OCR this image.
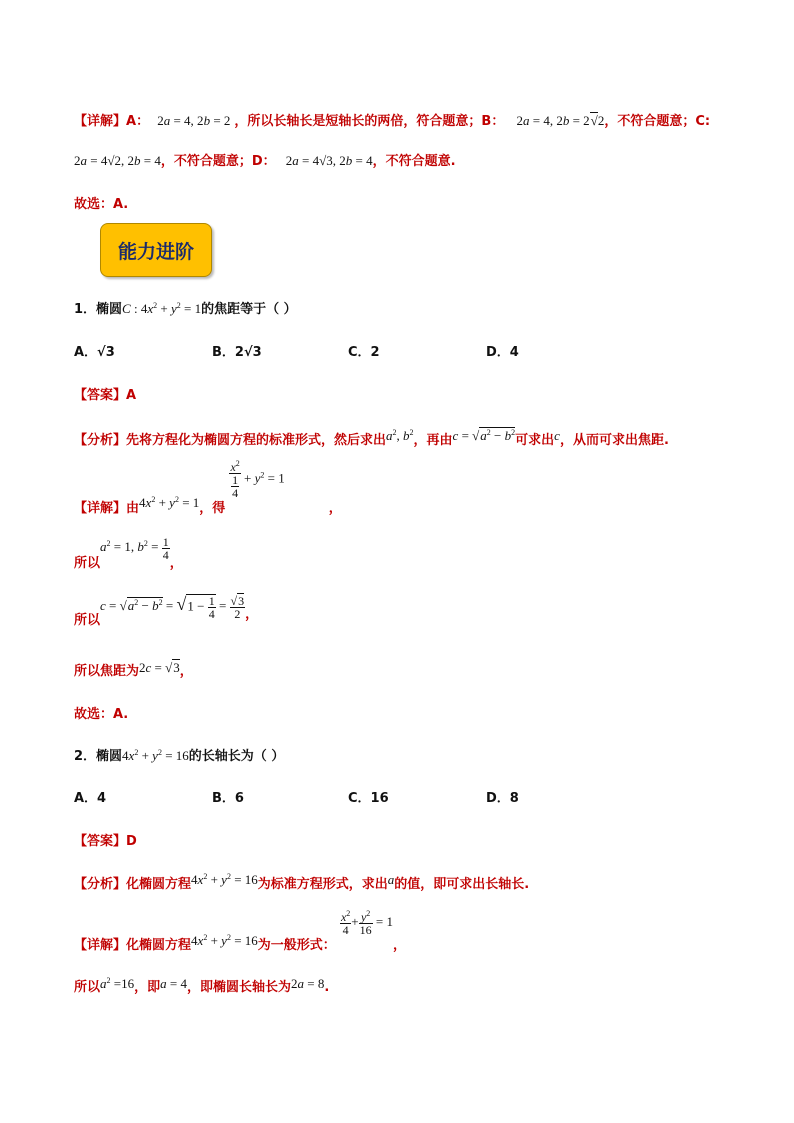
【详解】A： 2a = 4, 2b = 2 ，所以长轴长是短轴长的两倍，符合题意；B： 2a = 4, 2b = 2√2，不符合题意；C:
2a = 4√2, 2b = 4，不符合题意；D： 2a = 4√3, 2b = 4，不符合题意.
故选：A.
能力进阶
1．椭圆C : $4x^2 + y^2 = 1$的焦距等于（ ）
A．√3	B．2√3	C．2	D．4
【答案】A
【分析】先将方程化为椭圆方程的标准形式，然后求出$a^2$, $b^2$，再由$c = √a^2 - b^2$可求出c，从而可求出焦距.
【详解】由$4x^2 + y^2 = 1$，得
$\frac{x^2}{\frac{1}{4}} + y^2 = 1$，
所以$a^2 = 1$, $b^2 = \frac{1}{4}$
，
所以$c = √a^2 - b^2 = √1 - \frac{1}{4} = \frac{√3}{2}$ ，
所以焦距为2c = √3，
故选：A.
2．椭圆$4x^2 + y^2 = 16$的长轴长为（ ）
A．4	B．6	C．16	D．8
【答案】D
【分析】化椭圆方程$4x^2 + y^2 = 16$为标准方程形式，求出a的值，即可求出长轴长.
【详解】化椭圆方程$4x^2 + y^2 = 16$为一般形式：
$\frac{x^2}{4} + \frac{y^2}{16} = 1$，
所以$a^2 =16$，即a = 4，即椭圆长轴长为2a = 8.
